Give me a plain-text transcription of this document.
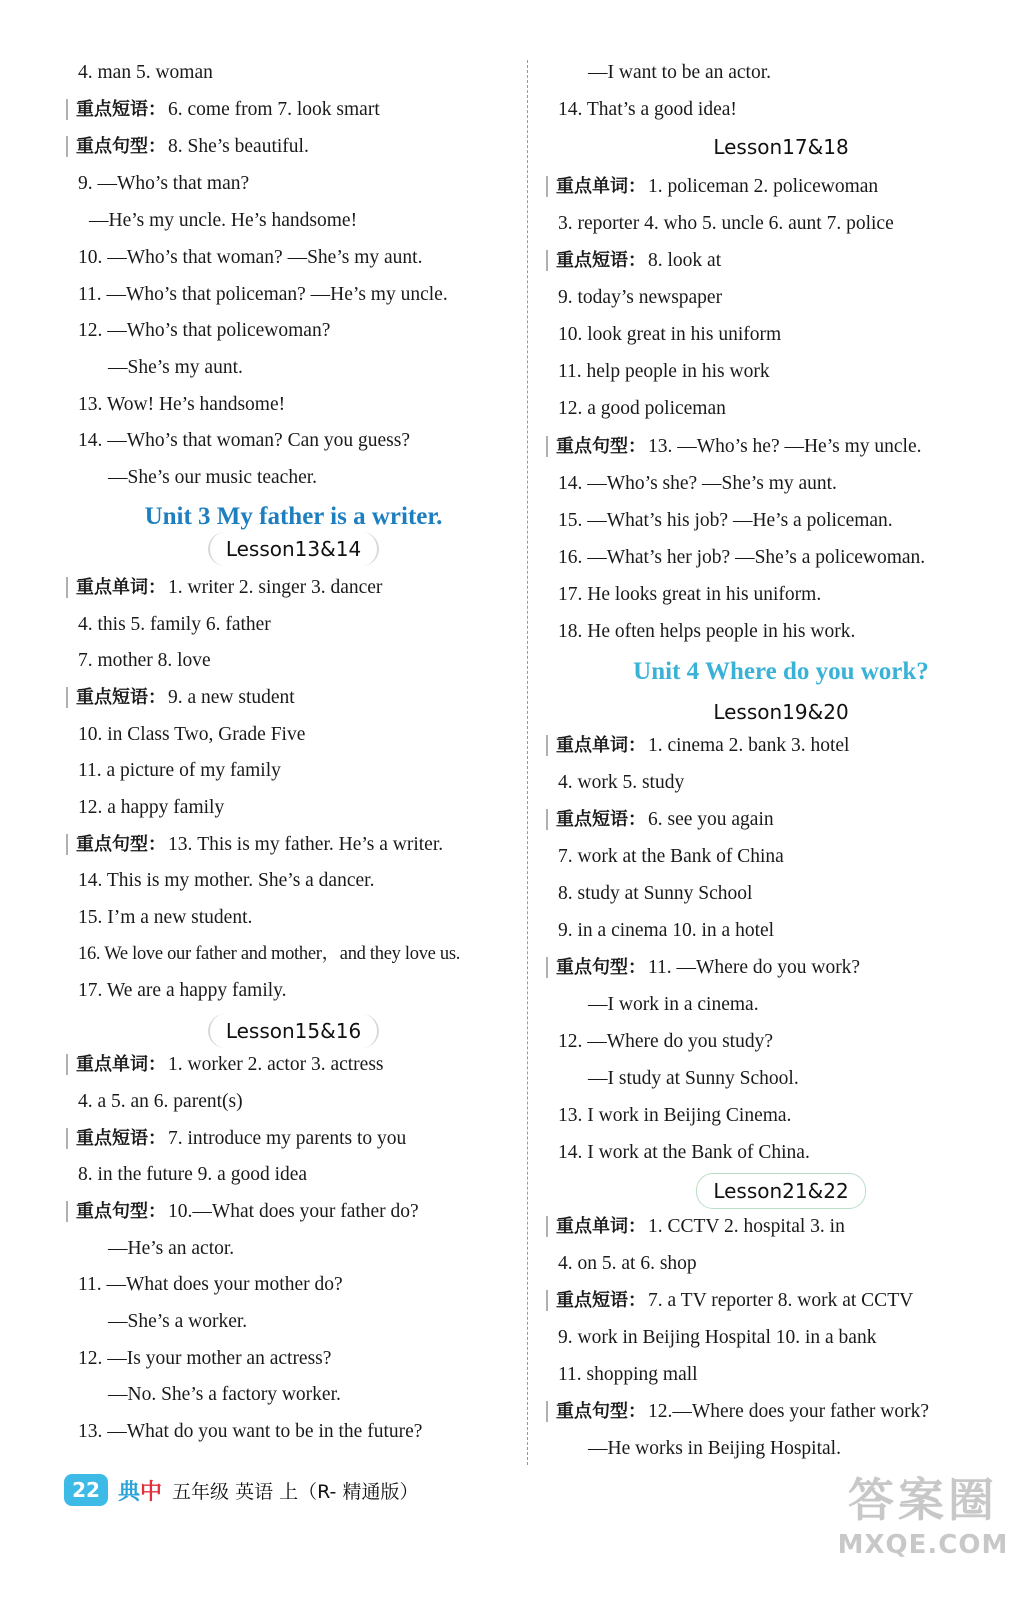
4. man 5. woman
重点短语： 6. come from 7. look smart
重点句型： 8. She’s beautiful.
9. —Who’s that man?
—He’s my uncle. He’s handsome!
10. —Who’s that woman? —She’s my aunt.
11. —Who’s that policeman? —He’s my uncle.
12. —Who’s that policewoman?
—She’s my aunt.
13. Wow! He’s handsome!
14. —Who’s that woman? Can you guess?
—She’s our music teacher.
Unit 3 My father is a writer.
Lesson13&14
重点单词： 1. writer 2. singer 3. dancer
4. this 5. family 6. father
7. mother 8. love
重点短语： 9. a new student
10. in Class Two, Grade Five
11. a picture of my family
12. a happy family
重点句型： 13. This is my father. He’s a writer.
14. This is my mother. She’s a dancer.
15. I’m a new student.
16. We love our father and mother，and they love us.
17. We are a happy family.
Lesson15&16
重点单词： 1. worker 2. actor 3. actress
4. a 5. an 6. parent(s)
重点短语： 7. introduce my parents to you
8. in the future 9. a good idea
重点句型： 10.—What does your father do?
—He’s an actor.
11. —What does your mother do?
—She’s a worker.
12. —Is your mother an actress?
—No. She’s a factory worker.
13. —What do you want to be in the future?
—I want to be an actor.
14. That’s a good idea!
Lesson17&18
重点单词： 1. policeman 2. policewoman
3. reporter 4. who 5. uncle 6. aunt 7. police
重点短语： 8. look at
9. today’s newspaper
10. look great in his uniform
11. help people in his work
12. a good policeman
重点句型： 13. —Who’s he? —He’s my uncle.
14. —Who’s she? —She’s my aunt.
15. —What’s his job? —He’s a policeman.
16. —What’s her job? —She’s a policewoman.
17. He looks great in his uniform.
18. He often helps people in his work.
Unit 4 Where do you work?
Lesson19&20
重点单词： 1. cinema 2. bank 3. hotel
4. work 5. study
重点短语： 6. see you again
7. work at the Bank of China
8. study at Sunny School
9. in a cinema 10. in a hotel
重点句型： 11. —Where do you work?
—I work in a cinema.
12. —Where do you study?
—I study at Sunny School.
13. I work in Beijing Cinema.
14. I work at the Bank of China.
Lesson21&22
重点单词： 1. CCTV 2. hospital 3. in
4. on 5. at 6. shop
重点短语： 7. a TV reporter 8. work at CCTV
9. work in Beijing Hospital 10. in a bank
11. shopping mall
重点句型： 12.—Where does your father work?
—He works in Beijing Hospital.
22 典中 五年级 英语 上（R- 精通版）	答案圈
MXQE.COM
